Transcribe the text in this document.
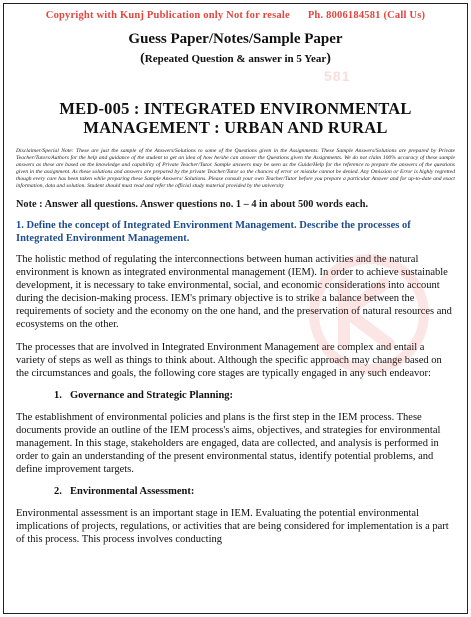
Copyright with Kunj Publication only Not for resale Ph. 8006184581 (Call Us)
Guess Paper/Notes/Sample Paper
(Repeated Question & answer in 5 Year)
MED-005 : INTEGRATED ENVIRONMENTAL
MANAGEMENT : URBAN AND RURAL
Disclaimer/Special Note: These are just the sample of the Answers/Solutions to some of the Questions given in the Assignments. These Sample Answers/Solutions are prepared by Private Teacher/Tutors/Authors for the help and guidance of the student to get an idea of how he/she can answer the Questions given the Assignments. We do not claim 100% accuracy of these sample answers as these are based on the knowledge and capability of Private Teacher/Tutor. Sample answers may be seen as the Guide/Help for the reference to prepare the answers of the questions given in the assignment. As these solutions and answers are prepared by the private Teacher/Tutor so the chances of error or mistake cannot be denied. Any Omission or Error is highly regretted though every care has been taken while preparing these Sample Answers/ Solutions. Please consult your own Teacher/Tutor before you prepare a particular Answer and for up-to-date and exact information, data and solution. Student should must read and refer the official study material provided by the university
Note : Answer all questions. Answer questions no. 1 – 4 in about 500 words each.
1. Define the concept of Integrated Environment Management. Describe the processes of Integrated Environment Management.
The holistic method of regulating the interconnections between human activities and the natural environment is known as integrated environmental management (IEM). In order to achieve sustainable development, it is necessary to take environmental, social, and economic considerations into account during the decision-making process. IEM's primary objective is to strike a balance between the requirements of society and the economy on the one hand, and the preservation of natural resources and ecosystems on the other.
The processes that are involved in Integrated Environment Management are complex and entail a variety of steps as well as things to think about. Although the specific approach may change based on the circumstances and goals, the following core stages are typically engaged in any such endeavor:
1. Governance and Strategic Planning:
The establishment of environmental policies and plans is the first step in the IEM process. These documents provide an outline of the IEM process's aims, objectives, and strategies for environmental management. In this stage, stakeholders are engaged, data are collected, and analysis is performed in order to gain an understanding of the present environmental status, identify potential problems, and define improvement targets.
2. Environmental Assessment:
Environmental assessment is an important stage in IEM. Evaluating the potential environmental implications of projects, regulations, or activities that are being considered for implementation is a part of this process. This process involves conducting
581
